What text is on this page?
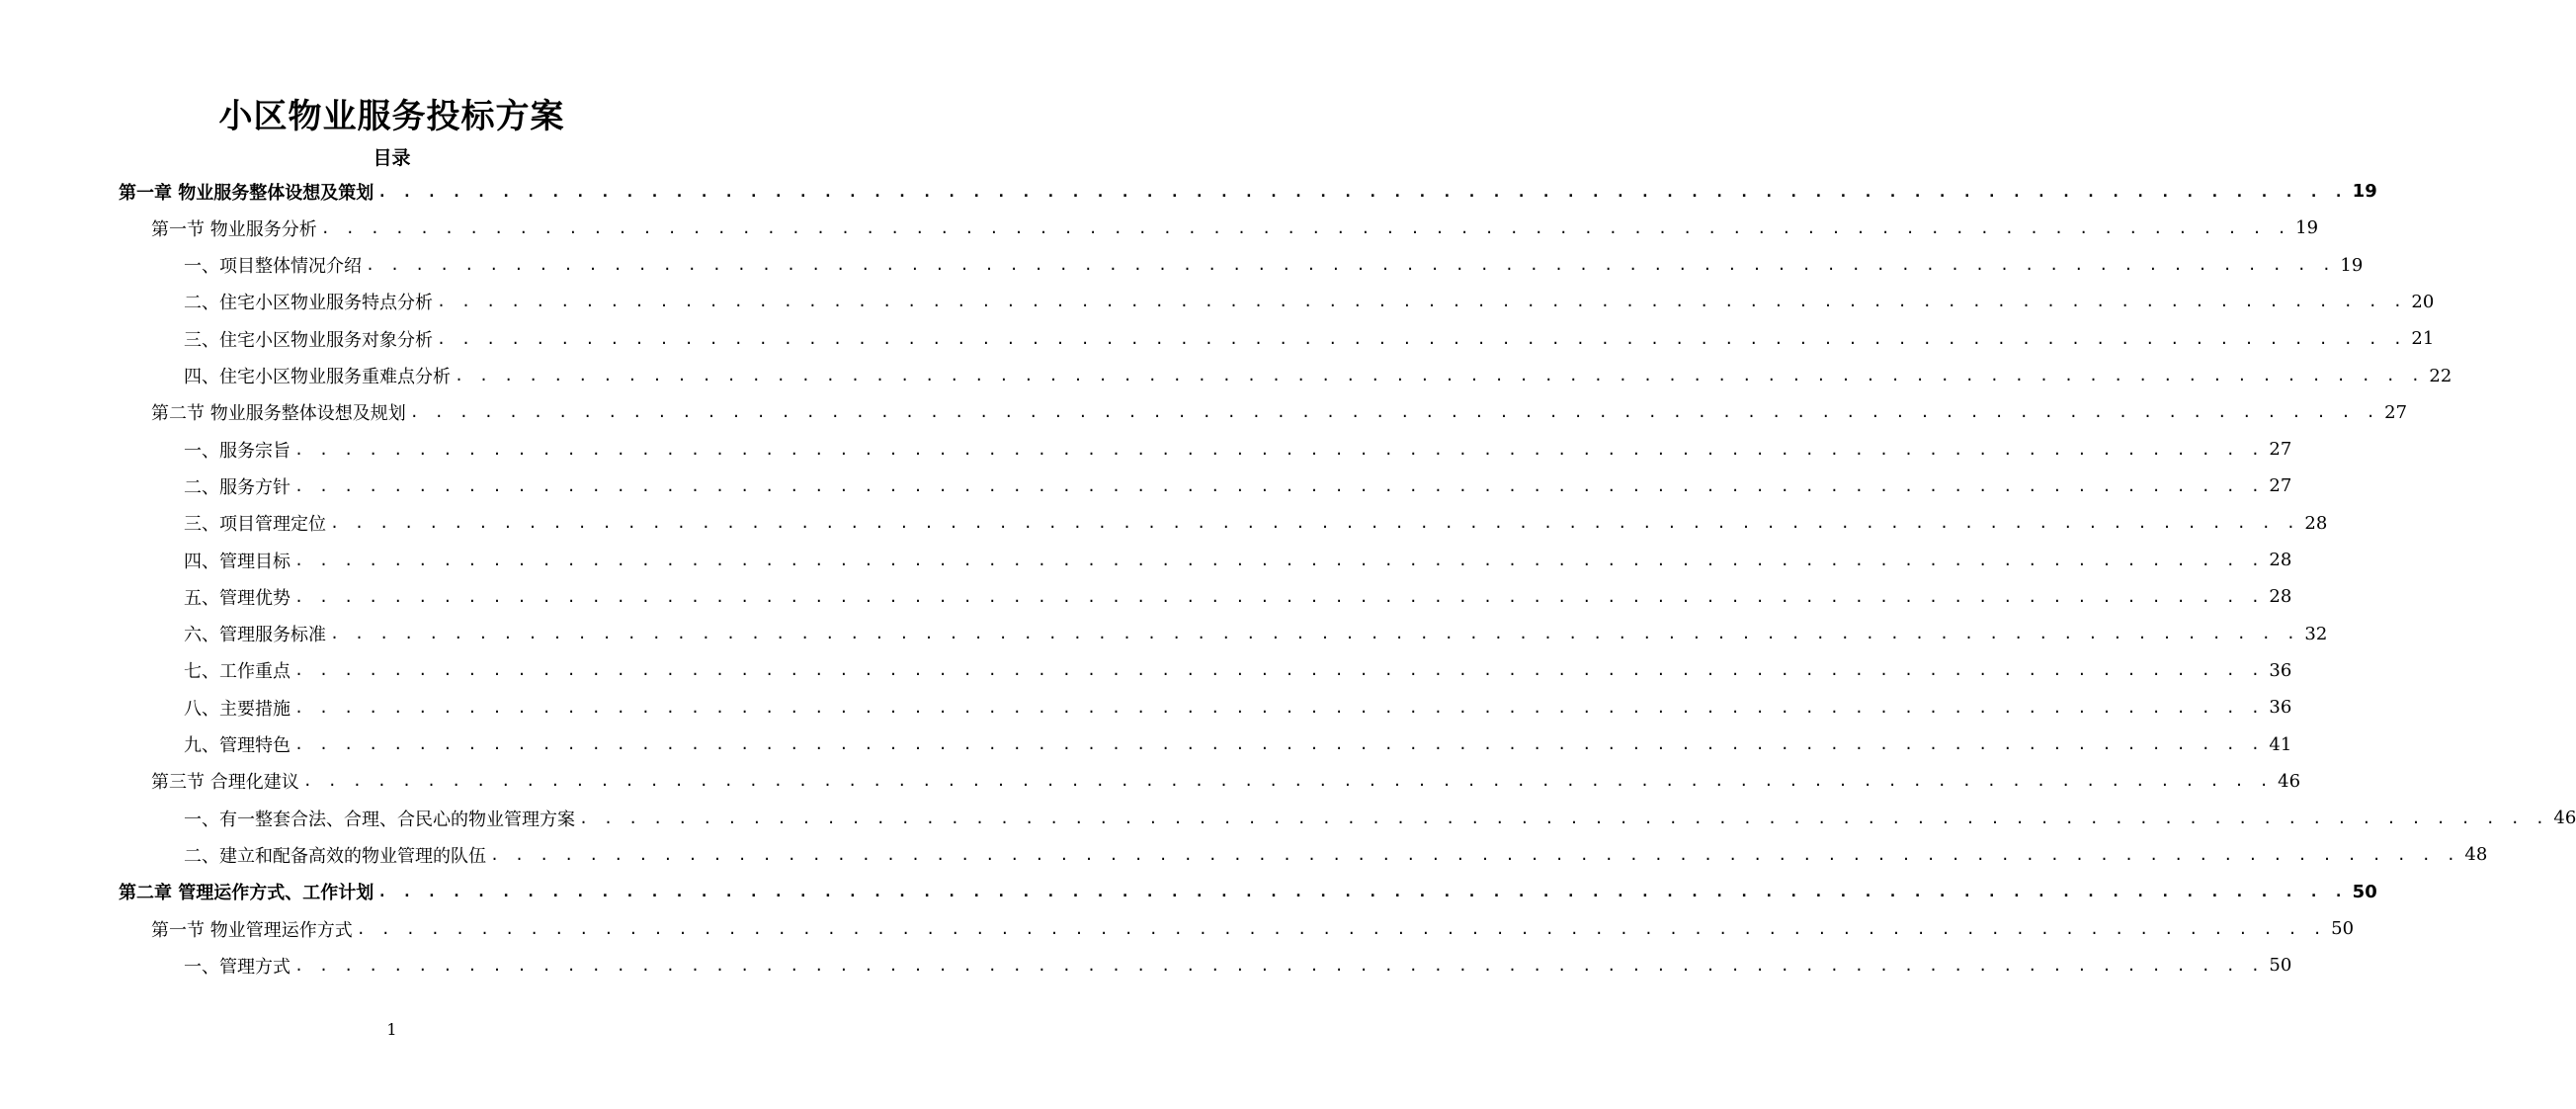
小区物业服务投标方案
目录
第一章 物业服务整体设想及策划 . . . . . . . . . . . . . . . . . . . . . . . . . . . . . . . . . . . . . . . . . . . . . . . . . . . . . . . . . . . . . . . . . . . . . . . . . . . . . . . . 19
第一节 物业服务分析 . . . . . . . . . . . . . . . . . . . . . . . . . . . . . . . . . . . . . . . . . . . . . . . . . . . . . . . . . . . . . . . . . . . . . . . . . . . . . . . . 19
一、项目整体情况介绍 . . . . . . . . . . . . . . . . . . . . . . . . . . . . . . . . . . . . . . . . . . . . . . . . . . . . . . . . . . . . . . . . . . . . . . . . . . . . . . . . 19
二、住宅小区物业服务特点分析 . . . . . . . . . . . . . . . . . . . . . . . . . . . . . . . . . . . . . . . . . . . . . . . . . . . . . . . . . . . . . . . . . . . . . . . . . . . . . . . . 20
三、住宅小区物业服务对象分析 . . . . . . . . . . . . . . . . . . . . . . . . . . . . . . . . . . . . . . . . . . . . . . . . . . . . . . . . . . . . . . . . . . . . . . . . . . . . . . . . 21
四、住宅小区物业服务重难点分析 . . . . . . . . . . . . . . . . . . . . . . . . . . . . . . . . . . . . . . . . . . . . . . . . . . . . . . . . . . . . . . . . . . . . . . . . . . . . . . . . 22
第二节 物业服务整体设想及规划 . . . . . . . . . . . . . . . . . . . . . . . . . . . . . . . . . . . . . . . . . . . . . . . . . . . . . . . . . . . . . . . . . . . . . . . . . . . . . . . . 27
一、服务宗旨 . . . . . . . . . . . . . . . . . . . . . . . . . . . . . . . . . . . . . . . . . . . . . . . . . . . . . . . . . . . . . . . . . . . . . . . . . . . . . . . . 27
二、服务方针 . . . . . . . . . . . . . . . . . . . . . . . . . . . . . . . . . . . . . . . . . . . . . . . . . . . . . . . . . . . . . . . . . . . . . . . . . . . . . . . . 27
三、项目管理定位 . . . . . . . . . . . . . . . . . . . . . . . . . . . . . . . . . . . . . . . . . . . . . . . . . . . . . . . . . . . . . . . . . . . . . . . . . . . . . . . . 28
四、管理目标 . . . . . . . . . . . . . . . . . . . . . . . . . . . . . . . . . . . . . . . . . . . . . . . . . . . . . . . . . . . . . . . . . . . . . . . . . . . . . . . . 28
五、管理优势 . . . . . . . . . . . . . . . . . . . . . . . . . . . . . . . . . . . . . . . . . . . . . . . . . . . . . . . . . . . . . . . . . . . . . . . . . . . . . . . . 28
六、管理服务标准 . . . . . . . . . . . . . . . . . . . . . . . . . . . . . . . . . . . . . . . . . . . . . . . . . . . . . . . . . . . . . . . . . . . . . . . . . . . . . . . . 32
七、工作重点 . . . . . . . . . . . . . . . . . . . . . . . . . . . . . . . . . . . . . . . . . . . . . . . . . . . . . . . . . . . . . . . . . . . . . . . . . . . . . . . . 36
八、主要措施 . . . . . . . . . . . . . . . . . . . . . . . . . . . . . . . . . . . . . . . . . . . . . . . . . . . . . . . . . . . . . . . . . . . . . . . . . . . . . . . . 36
九、管理特色 . . . . . . . . . . . . . . . . . . . . . . . . . . . . . . . . . . . . . . . . . . . . . . . . . . . . . . . . . . . . . . . . . . . . . . . . . . . . . . . . 41
第三节 合理化建议 . . . . . . . . . . . . . . . . . . . . . . . . . . . . . . . . . . . . . . . . . . . . . . . . . . . . . . . . . . . . . . . . . . . . . . . . . . . . . . . . 46
一、有一整套合法、合理、合民心的物业管理方案 . . . . . . . . . . . . . . . . . . . . . . . . . . . . . . . . . . . . . . . . . . . . . . . . . . . . . . . . . . . . . . . . . . . . . . . . . . . . . . . . 46
二、建立和配备高效的物业管理的队伍 . . . . . . . . . . . . . . . . . . . . . . . . . . . . . . . . . . . . . . . . . . . . . . . . . . . . . . . . . . . . . . . . . . . . . . . . . . . . . . . . 48
第二章 管理运作方式、工作计划 . . . . . . . . . . . . . . . . . . . . . . . . . . . . . . . . . . . . . . . . . . . . . . . . . . . . . . . . . . . . . . . . . . . . . . . . . . . . . . . . 50
第一节 物业管理运作方式 . . . . . . . . . . . . . . . . . . . . . . . . . . . . . . . . . . . . . . . . . . . . . . . . . . . . . . . . . . . . . . . . . . . . . . . . . . . . . . . . 50
一、管理方式 . . . . . . . . . . . . . . . . . . . . . . . . . . . . . . . . . . . . . . . . . . . . . . . . . . . . . . . . . . . . . . . . . . . . . . . . . . . . . . . . 50
1
